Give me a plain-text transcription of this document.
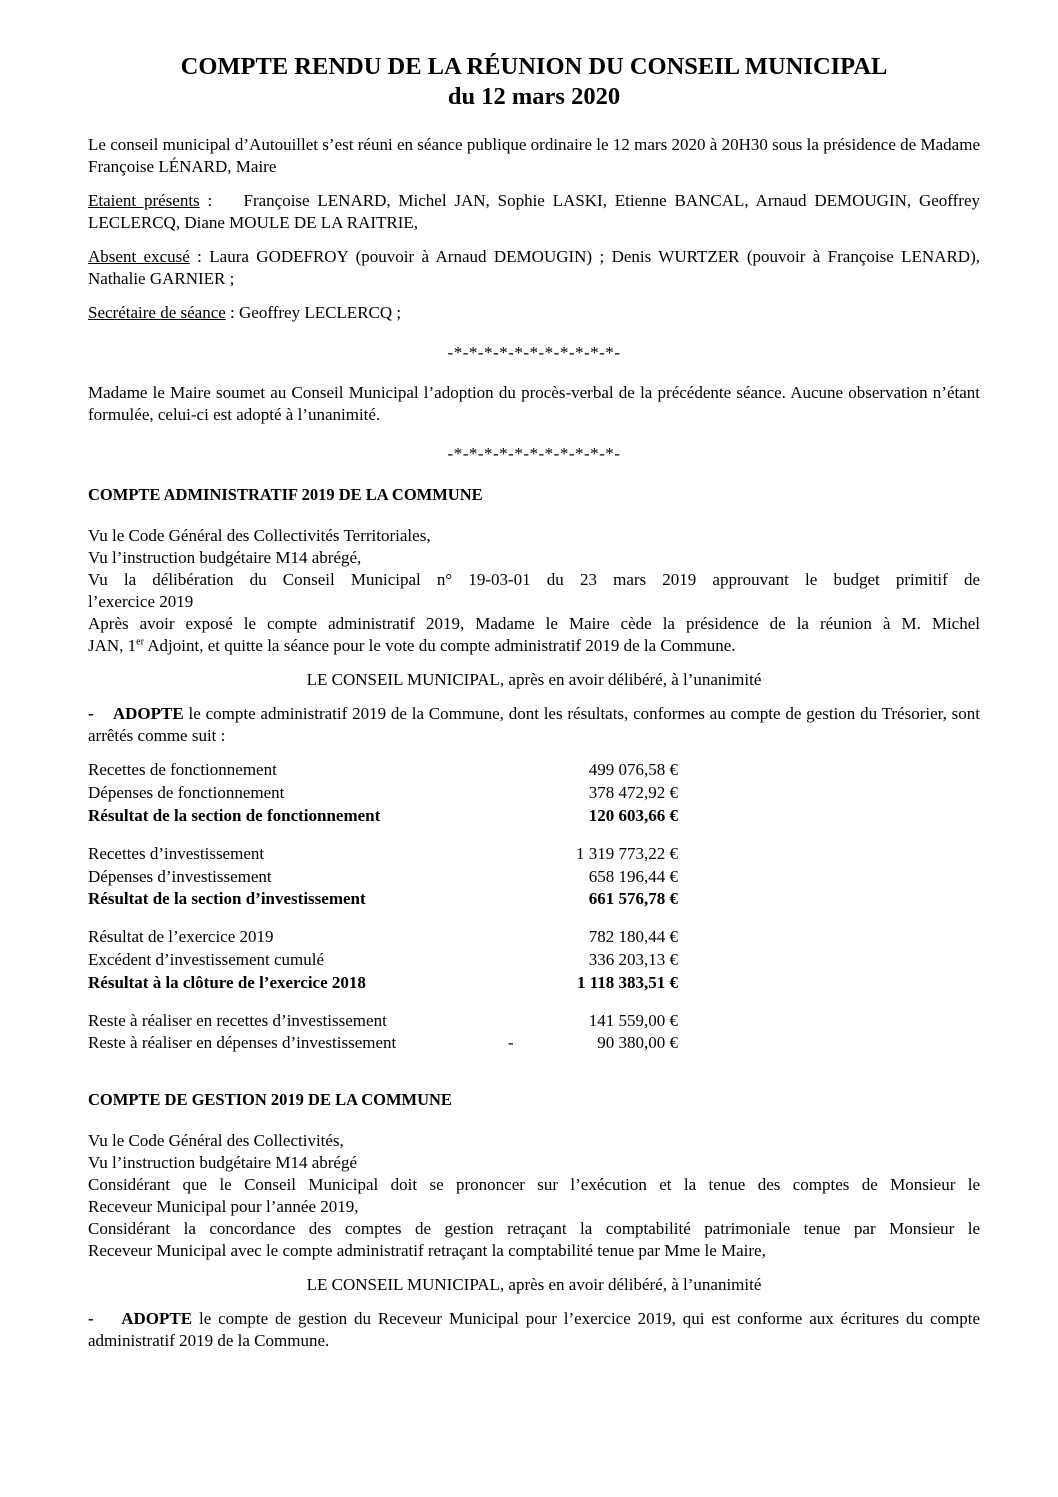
COMPTE RENDU DE LA RÉUNION DU CONSEIL MUNICIPAL
du 12 mars 2020

Le conseil municipal d’Autouillet s’est réuni en séance publique ordinaire le 12 mars 2020 à 20H30 sous la présidence de Madame Françoise LÉNARD, Maire

Etaient présents : Françoise LENARD, Michel JAN, Sophie LASKI, Etienne BANCAL, Arnaud DEMOUGIN, Geoffrey LECLERCQ, Diane MOULE DE LA RAITRIE,

Absent excusé : Laura GODEFROY (pouvoir à Arnaud DEMOUGIN) ; Denis WURTZER (pouvoir à Françoise LENARD), Nathalie GARNIER ;

Secrétaire de séance : Geoffrey LECLERCQ ;

-*-*-*-*-*-*-*-*-*-*-*-

Madame le Maire soumet au Conseil Municipal l’adoption du procès-verbal de la précédente séance. Aucune observation n’étant formulée, celui-ci est adopté à l’unanimité.

-*-*-*-*-*-*-*-*-*-*-*-
COMPTE ADMINISTRATIF 2019 DE LA COMMUNE
Vu le Code Général des Collectivités Territoriales,
Vu l’instruction budgétaire M14 abrégé,
Vu la délibération du Conseil Municipal n° 19-03-01 du 23 mars 2019 approuvant le budget primitif de
l’exercice 2019
Après avoir exposé le compte administratif 2019, Madame le Maire cède la présidence de la réunion à M. Michel
JAN, 1er Adjoint, et quitte la séance pour le vote du compte administratif 2019 de la Commune.
LE CONSEIL MUNICIPAL, après en avoir délibéré, à l’unanimité

- ADOPTE le compte administratif 2019 de la Commune, dont les résultats, conformes au compte de gestion du Trésorier, sont arrêtés comme suit :

Recettes de fonctionnement		499 076,58 €
Dépenses de fonctionnement		378 472,92 €
Résultat de la section de fonctionnement		120 603,66 €

Recettes d’investissement		1 319 773,22 €
Dépenses d’investissement		658 196,44 €
Résultat de la section d’investissement		661 576,78 €

Résultat de l’exercice 2019		782 180,44 €
Excédent d’investissement cumulé		336 203,13 €
Résultat à la clôture de l’exercice 2018		1 118 383,51 €

Reste à réaliser en recettes d’investissement		141 559,00 €
Reste à réaliser en dépenses d’investissement	-	90 380,00 €
COMPTE DE GESTION 2019 DE LA COMMUNE
Vu le Code Général des Collectivités,
Vu l’instruction budgétaire M14 abrégé
Considérant que le Conseil Municipal doit se prononcer sur l’exécution et la tenue des comptes de Monsieur le
Receveur Municipal pour l’année 2019,
Considérant la concordance des comptes de gestion retraçant la comptabilité patrimoniale tenue par Monsieur le
Receveur Municipal avec le compte administratif retraçant la comptabilité tenue par Mme le Maire,
LE CONSEIL MUNICIPAL, après en avoir délibéré, à l’unanimité

- ADOPTE le compte de gestion du Receveur Municipal pour l’exercice 2019, qui est conforme aux écritures du compte administratif 2019 de la Commune.
